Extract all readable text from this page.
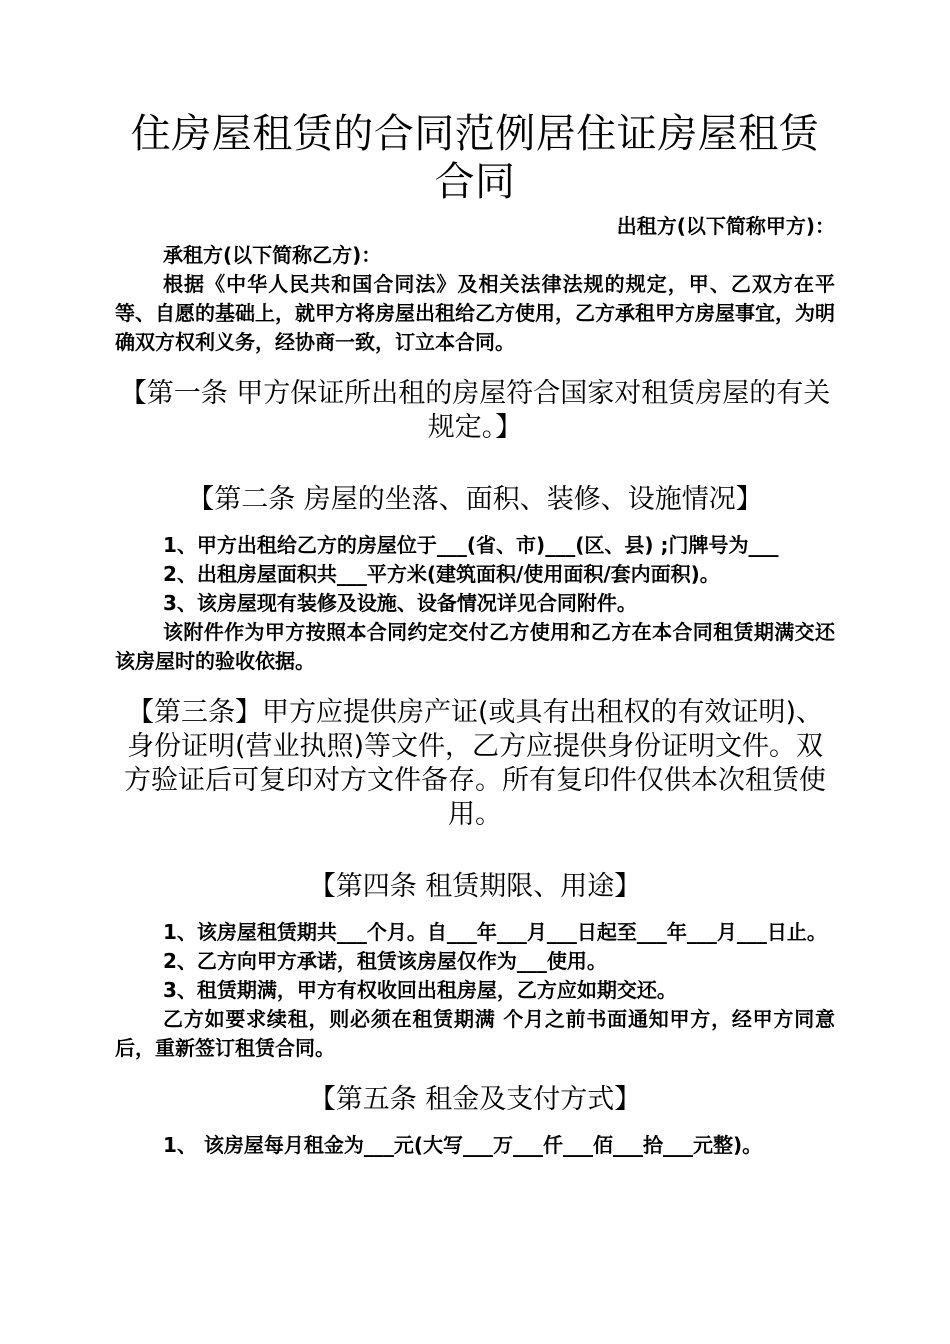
住房屋租赁的合同范例居住证房屋租赁合同
出租方(以下简称甲方)：
承租方(以下简称乙方)：

根据《中华人民共和国合同法》及相关法律法规的规定，甲、乙双方在平等、自愿的基础上，就甲方将房屋出租给乙方使用，乙方承租甲方房屋事宜，为明确双方权利义务，经协商一致，订立本合同。

【第一条 甲方保证所出租的房屋符合国家对租赁房屋的有关规定。】
【第二条 房屋的坐落、面积、装修、设施情况】

1、甲方出租给乙方的房屋位于___(省、市)___(区、县) ;门牌号为___

2、出租房屋面积共___平方米(建筑面积/使用面积/套内面积)。

3、该房屋现有装修及设施、设备情况详见合同附件。

该附件作为甲方按照本合同约定交付乙方使用和乙方在本合同租赁期满交还该房屋时的验收依据。

【第三条】甲方应提供房产证(或具有出租权的有效证明)、身份证明(营业执照)等文件，乙方应提供身份证明文件。双方验证后可复印对方文件备存。所有复印件仅供本次租赁使用。
【第四条 租赁期限、用途】

1、该房屋租赁期共___个月。自___年___月___日起至___年___月___日止。

2、乙方向甲方承诺，租赁该房屋仅作为___使用。

3、租赁期满，甲方有权收回出租房屋，乙方应如期交还。

乙方如要求续租，则必须在租赁期满 个月之前书面通知甲方，经甲方同意后，重新签订租赁合同。

【第五条 租金及支付方式】

1、 该房屋每月租金为___元(大写___万___仟___佰___拾___元整)。
